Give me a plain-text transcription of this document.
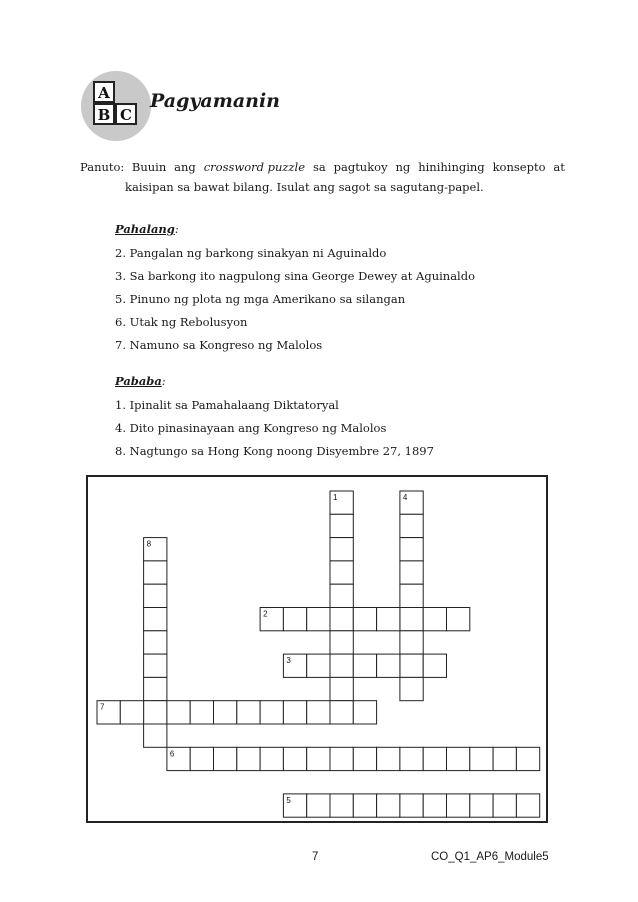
A
B C
Pagyamanin
Panuto: Buuin ang crossword puzzle sa pagtukoy ng hinihinging konsepto at
kaisipan sa bawat bilang. Isulat ang sagot sa sagutang-papel.
Pahalang:
2. Pangalan ng barkong sinakyan ni Aguinaldo
3. Sa barkong ito nagpulong sina George Dewey at Aguinaldo
5. Pinuno ng plota ng mga Amerikano sa silangan
6. Utak ng Rebolusyon
7. Namuno sa Kongreso ng Malolos
Pababa:
1. Ipinalit sa Pamahalaang Diktatoryal
4. Dito pinasinayaan ang Kongreso ng Malolos
8. Nagtungo sa Hong Kong noong Disyembre 27, 1897
1	4
8
2
3
7
6
5
7	CO_Q1_AP6_Module5
